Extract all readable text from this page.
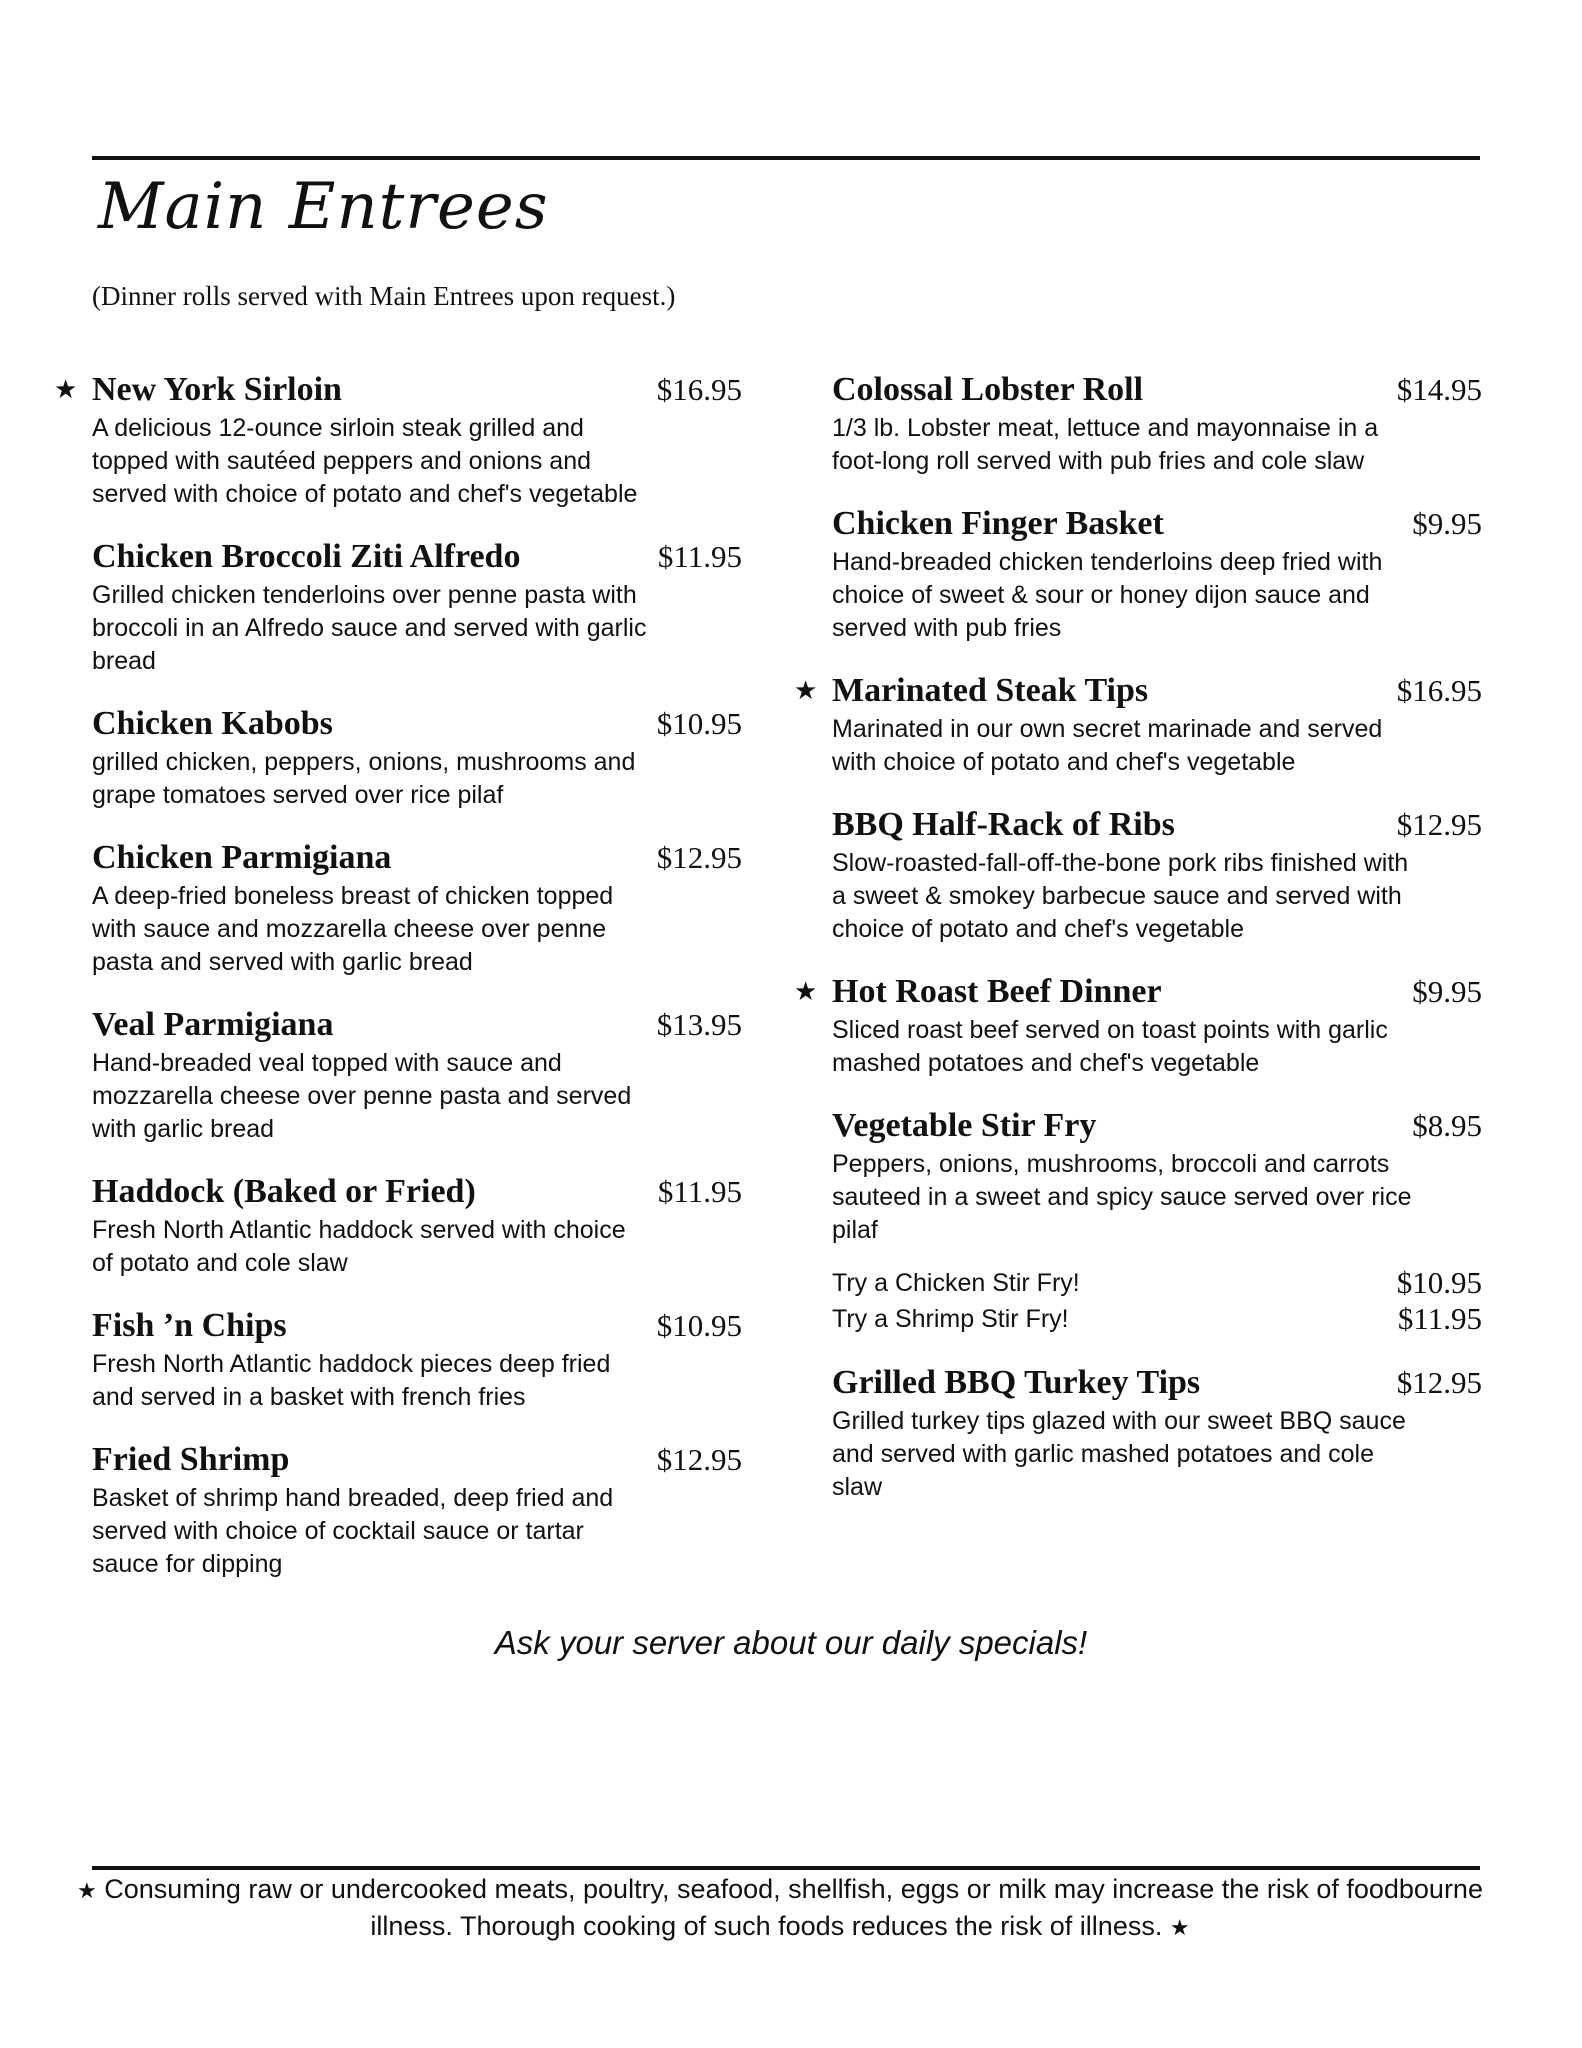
Main Entrees

(Dinner rolls served with Main Entrees upon request.)

★ New York Sirloin	$16.95

A delicious 12-ounce sirloin steak grilled and topped with sautéed peppers and onions and served with choice of potato and chef's vegetable

Chicken Broccoli Ziti Alfredo	$11.95

Grilled chicken tenderloins over penne pasta with broccoli in an Alfredo sauce and served with garlic bread

Chicken Kabobs	$10.95

grilled chicken, peppers, onions, mushrooms and grape tomatoes served over rice pilaf

Chicken Parmigiana	$12.95

A deep-fried boneless breast of chicken topped with sauce and mozzarella cheese over penne pasta and served with garlic bread

Veal Parmigiana	$13.95

Hand-breaded veal topped with sauce and mozzarella cheese over penne pasta and served with garlic bread

Haddock (Baked or Fried)	$11.95

Fresh North Atlantic haddock served with choice of potato and cole slaw

Fish ’n Chips	$10.95

Fresh North Atlantic haddock pieces deep fried and served in a basket with french fries

Fried Shrimp	$12.95

Basket of shrimp hand breaded, deep fried and served with choice of cocktail sauce or tartar sauce for dipping

Colossal Lobster Roll	$14.95

1/3 lb. Lobster meat, lettuce and mayonnaise in a foot-long roll served with pub fries and cole slaw

Chicken Finger Basket	$9.95

Hand-breaded chicken tenderloins deep fried with choice of sweet & sour or honey dijon sauce and served with pub fries

★ Marinated Steak Tips	$16.95

Marinated in our own secret marinade and served with choice of potato and chef's vegetable

BBQ Half-Rack of Ribs	$12.95

Slow-roasted-fall-off-the-bone pork ribs finished with a sweet & smokey barbecue sauce and served with choice of potato and chef's vegetable

★ Hot Roast Beef Dinner	$9.95

Sliced roast beef served on toast points with garlic mashed potatoes and chef's vegetable

Vegetable Stir Fry	$8.95

Peppers, onions, mushrooms, broccoli and carrots sauteed in a sweet and spicy sauce served over rice pilaf

Try a Chicken Stir Fry!	$10.95
Try a Shrimp Stir Fry!	$11.95
Grilled BBQ Turkey Tips	$12.95

Grilled turkey tips glazed with our sweet BBQ sauce and served with garlic mashed potatoes and cole slaw

Ask your server about our daily specials!
★ Consuming raw or undercooked meats, poultry, seafood, shellfish, eggs or milk may increase the risk of foodbourne illness. Thorough cooking of such foods reduces the risk of illness. ★
